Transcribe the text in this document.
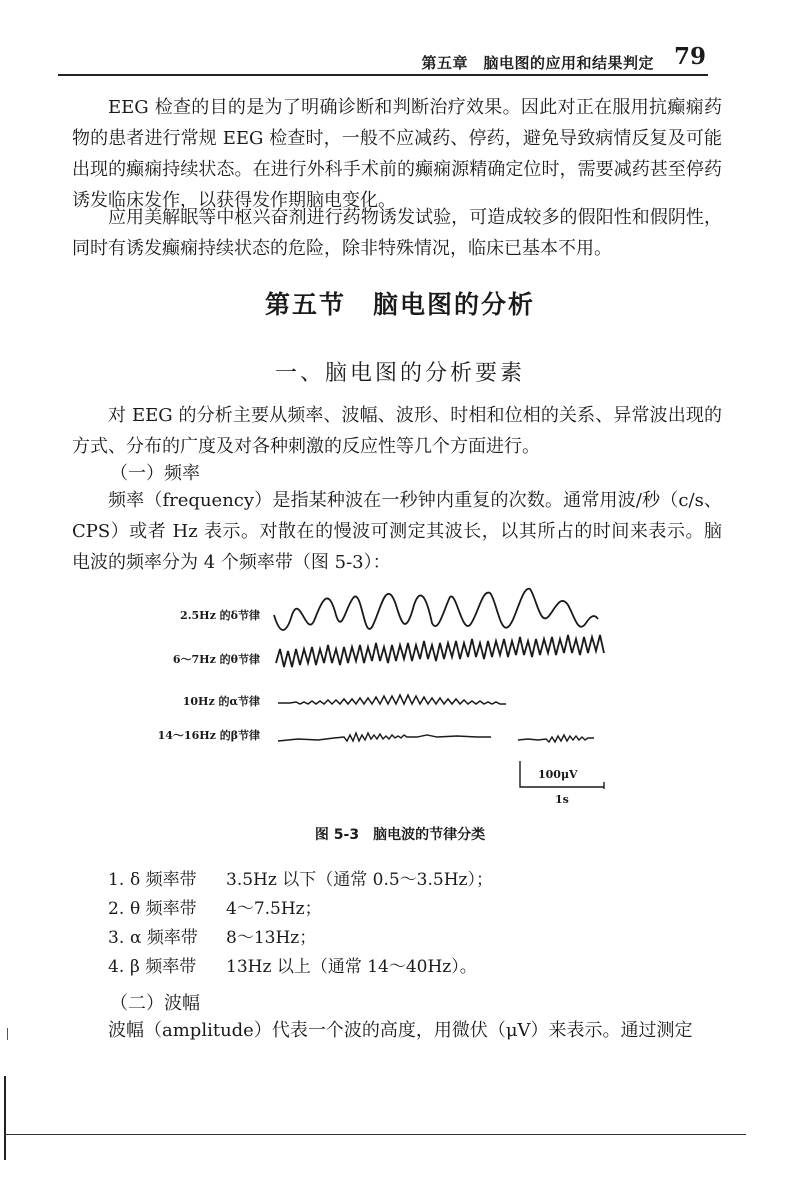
第五章　脑电图的应用和结果判定 79

EEG 检查的目的是为了明确诊断和判断治疗效果。因此对正在服用抗癫痫药物的患者进行常规 EEG 检查时，一般不应减药、停药，避免导致病情反复及可能出现的癫痫持续状态。在进行外科手术前的癫痫源精确定位时，需要减药甚至停药诱发临床发作，以获得发作期脑电变化。

应用美解眠等中枢兴奋剂进行药物诱发试验，可造成较多的假阳性和假阴性，同时有诱发癫痫持续状态的危险，除非特殊情况，临床已基本不用。

第五节　脑电图的分析
一、脑电图的分析要素

对 EEG 的分析主要从频率、波幅、波形、时相和位相的关系、异常波出现的方式、分布的广度及对各种刺激的反应性等几个方面进行。

（一）频率

频率（frequency）是指某种波在一秒钟内重复的次数。通常用波/秒（c/s、CPS）或者 Hz 表示。对散在的慢波可测定其波长，以其所占的时间来表示。脑电波的频率分为 4 个频率带（图 5-3）：

2.5Hz 的δ节律
6～7Hz 的θ节律
10Hz 的α节律
14～16Hz 的β节律
100μV
1s
图 5-3　脑电波的节律分类
1. δ 频率带 3.5Hz 以下（通常 0.5～3.5Hz）；
2. θ 频率带 4～7.5Hz；
3. α 频率带 8～13Hz；
4. β 频率带 13Hz 以上（通常 14～40Hz）。
（二）波幅
波幅（amplitude）代表一个波的高度，用微伏（μV）来表示。通过测定
